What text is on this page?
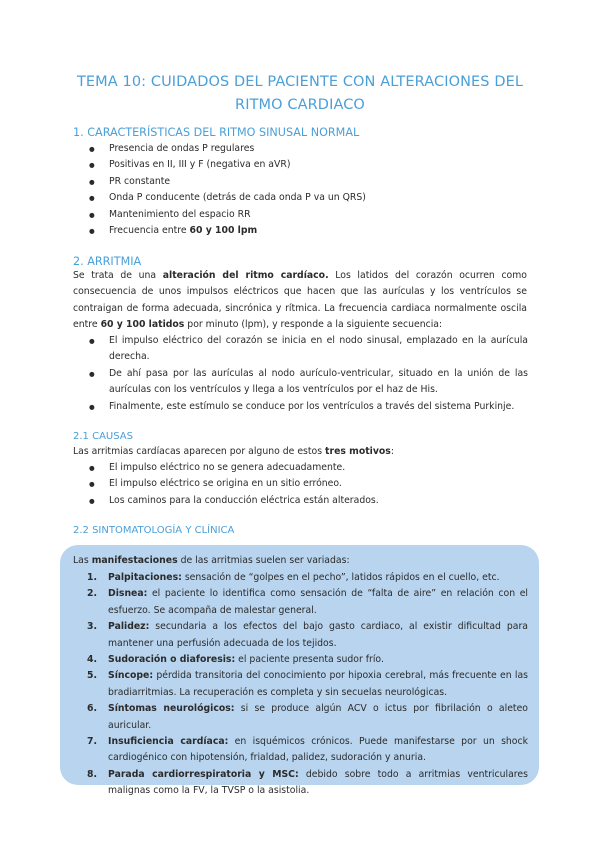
TEMA 10: CUIDADOS DEL PACIENTE CON ALTERACIONES DEL RITMO CARDIACO
1. CARACTERÍSTICAS DEL RITMO SINUSAL NORMAL
● Presencia de ondas P regulares
● Positivas en II, III y F (negativa en aVR)
● PR constante
● Onda P conducente (detrás de cada onda P va un QRS)
● Mantenimiento del espacio RR
● Frecuencia entre 60 y 100 lpm
2. ARRITMIA

Se trata de una alteración del ritmo cardíaco. Los latidos del corazón ocurren como consecuencia de unos impulsos eléctricos que hacen que las aurículas y los ventrículos se contraigan de forma adecuada, sincrónica y rítmica. La frecuencia cardiaca normalmente oscila entre 60 y 100 latidos por minuto (lpm), y responde a la siguiente secuencia:

● El impulso eléctrico del corazón se inicia en el nodo sinusal, emplazado en la aurícula derecha.
● De ahí pasa por las aurículas al nodo aurículo-ventricular, situado en la unión de las aurículas con los ventrículos y llega a los ventrículos por el haz de His.
● Finalmente, este estímulo se conduce por los ventrículos a través del sistema Purkinje.
2.1 CAUSAS

Las arritmias cardíacas aparecen por alguno de estos tres motivos:

● El impulso eléctrico no se genera adecuadamente.
● El impulso eléctrico se origina en un sitio erróneo.
● Los caminos para la conducción eléctrica están alterados.
2.2 SINTOMATOLOGÍA Y CLÍNICA

Las manifestaciones de las arritmias suelen ser variadas:

1. Palpitaciones: sensación de “golpes en el pecho”, latidos rápidos en el cuello, etc.
2. Disnea: el paciente lo identifica como sensación de “falta de aire” en relación con el esfuerzo. Se acompaña de malestar general.
3. Palidez: secundaria a los efectos del bajo gasto cardiaco, al existir dificultad para mantener una perfusión adecuada de los tejidos.
4. Sudoración o diaforesis: el paciente presenta sudor frío.
5. Síncope: pérdida transitoria del conocimiento por hipoxia cerebral, más frecuente en las bradiarritmias. La recuperación es completa y sin secuelas neurológicas.
6. Síntomas neurológicos: si se produce algún ACV o ictus por fibrilación o aleteo auricular.
7. Insuficiencia cardíaca: en isquémicos crónicos. Puede manifestarse por un shock cardiogénico con hipotensión, frialdad, palidez, sudoración y anuria.
8. Parada cardiorrespiratoria y MSC: debido sobre todo a arritmias ventriculares malignas como la FV, la TVSP o la asistolia.
